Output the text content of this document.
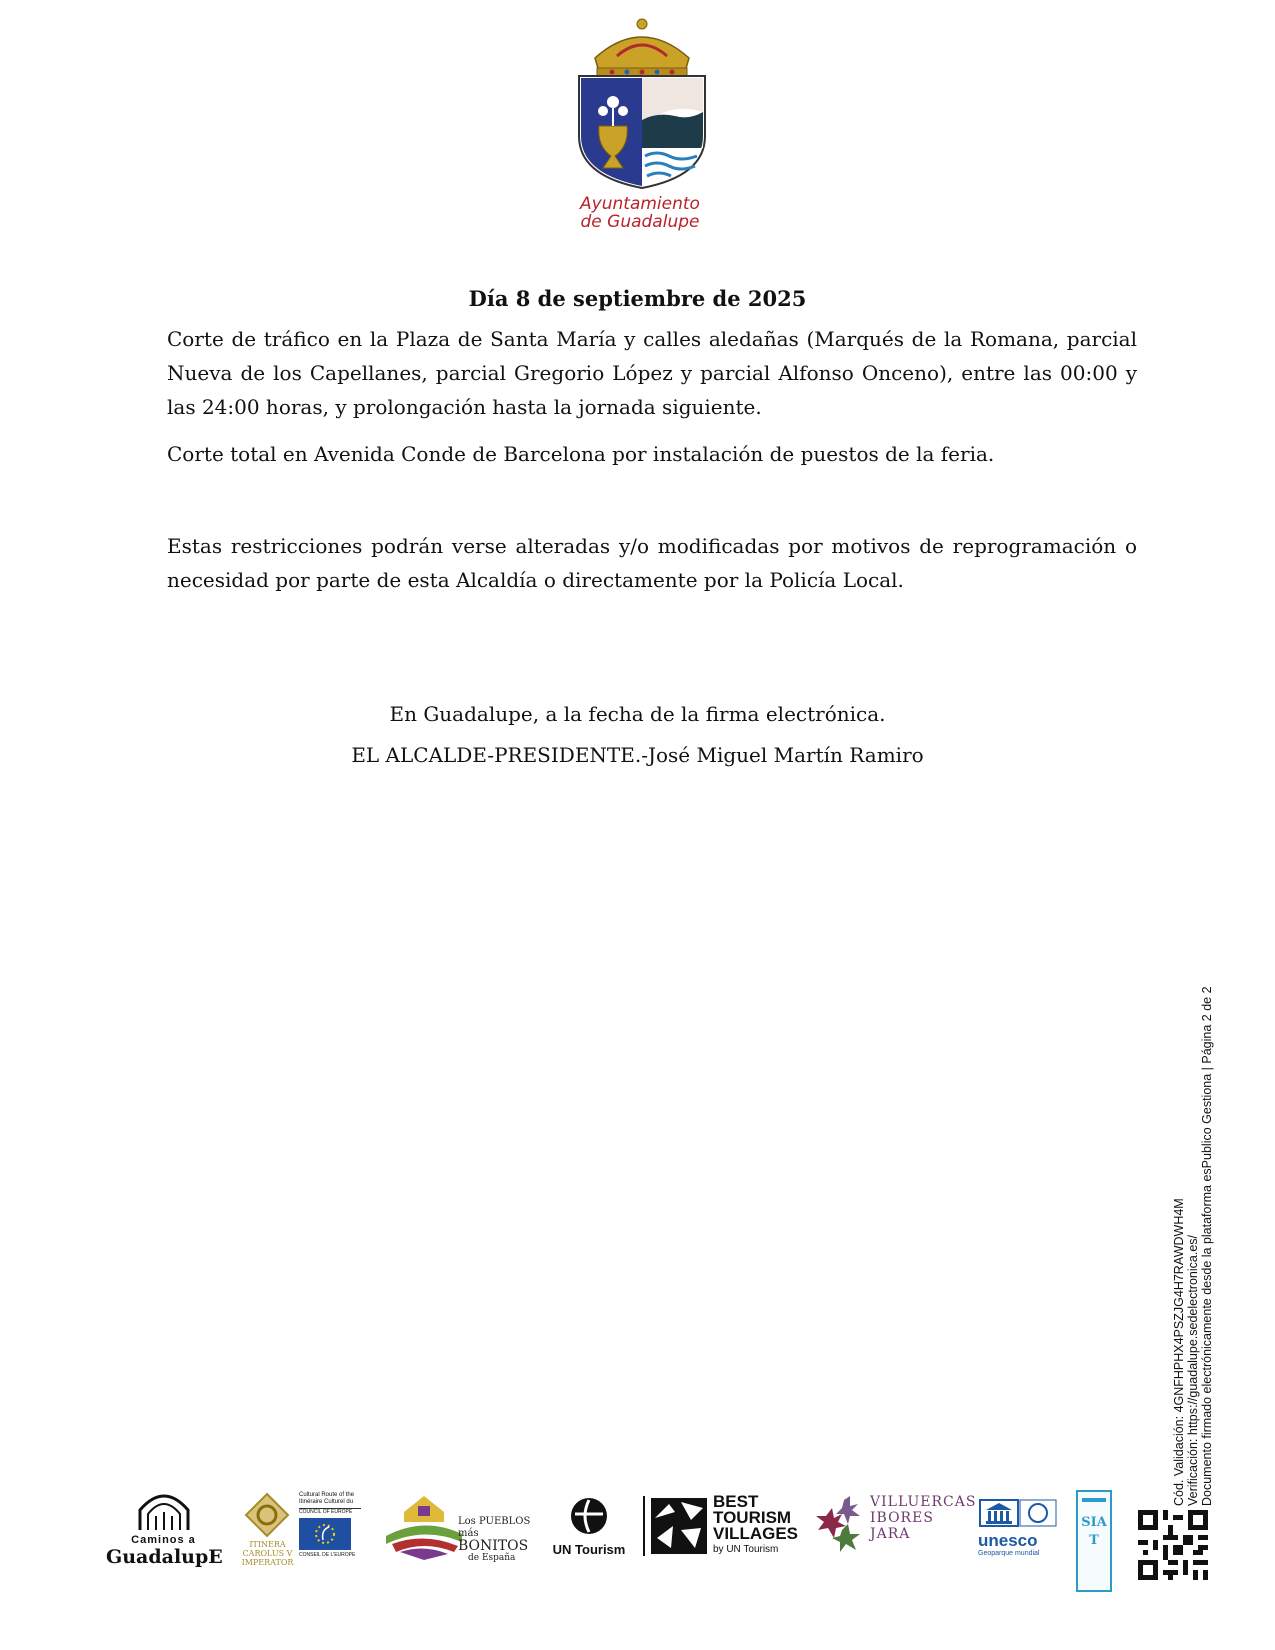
Ayuntamiento
de Guadalupe
Día 8 de septiembre de 2025

Corte de tráfico en la Plaza de Santa María y calles aledañas (Marqués de la Romana, parcial Nueva de los Capellanes, parcial Gregorio López y parcial Alfonso Onceno), entre las 00:00 y las 24:00 horas, y prolongación hasta la jornada siguiente.

Corte total en Avenida Conde de Barcelona por instalación de puestos de la feria.

Estas restricciones podrán verse alteradas y/o modificadas por motivos de reprogramación o necesidad por parte de esta Alcaldía o directamente por la Policía Local.

En Guadalupe, a la fecha de la firma electrónica.
EL ALCALDE-PRESIDENTE.-José Miguel Martín Ramiro
Cód. Validación: 4GNFHPHX4PSZJG4H7RAWDWH4M Verificación: https://guadalupe.sedelectronica.es/ Documento firmado electrónicamente desde la plataforma esPublico Gestiona | Página 2 de 2
Caminos a
GuadalupE
ITINERA
CAROLUS V
IMPERATOR
Cultural Route of the
Itinéraire Culturel du
COUNCIL OF EUROPE
CONSEIL DE L'EUROPE
Los PUEBLOS más
BONITOS
de España
UN Tourism
BEST
TOURISM
VILLAGES
by UN Tourism
VILLUERCAS
IBORES
JARA	unesco
Geoparque mundial
SIAT
